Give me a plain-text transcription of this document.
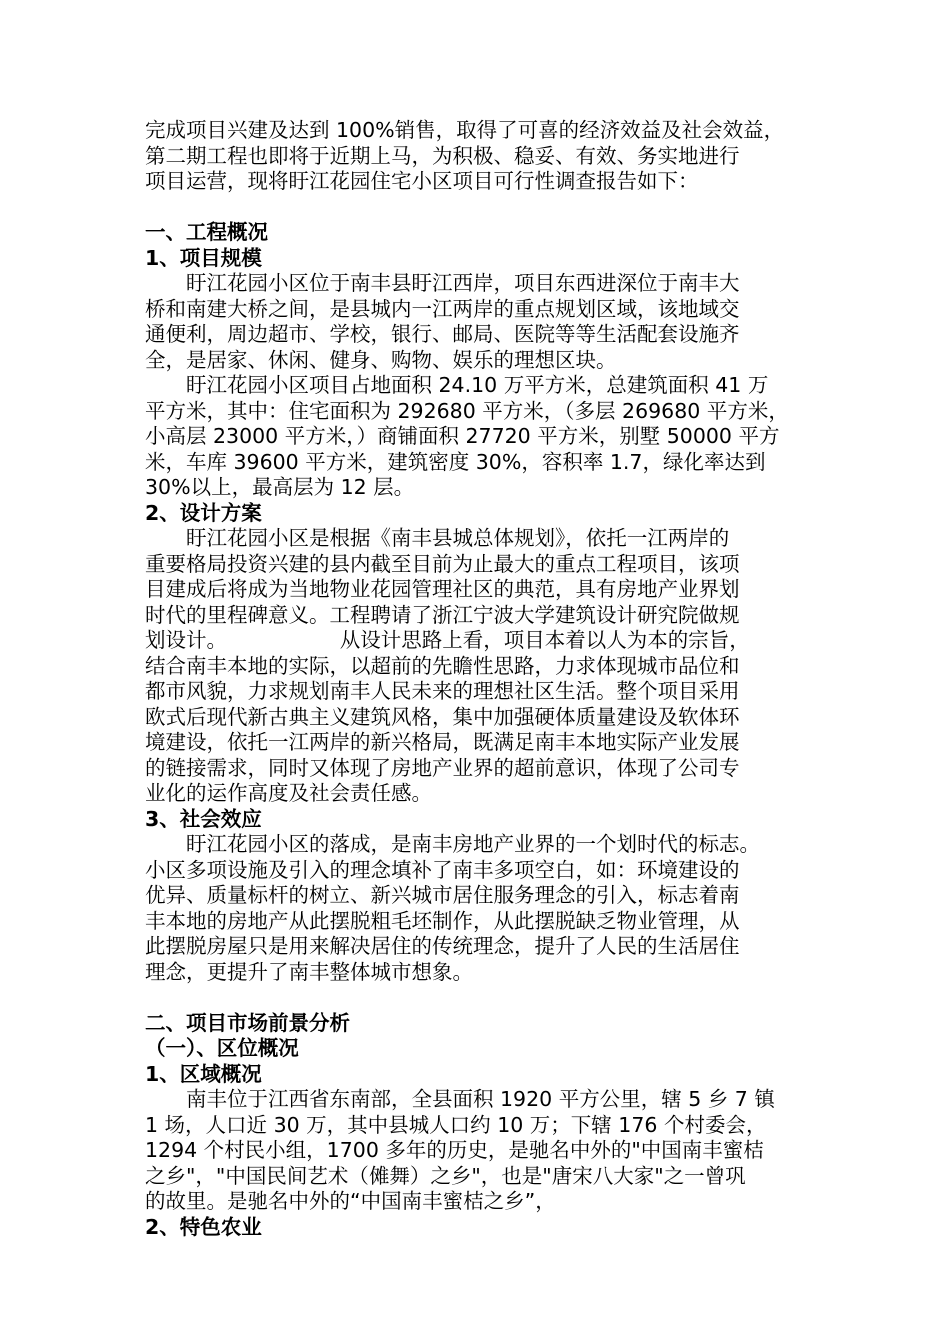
完成项目兴建及达到 100%销售，取得了可喜的经济效益及社会效益，

第二期工程也即将于近期上马，为积极、稳妥、有效、务实地进行

项目运营，现将盱江花园住宅小区项目可行性调查报告如下：

一、工程概况

1、项目规模

盱江花园小区位于南丰县盱江西岸，项目东西进深位于南丰大

桥和南建大桥之间，是县城内一江两岸的重点规划区域，该地域交

通便利，周边超市、学校，银行、邮局、医院等等生活配套设施齐

全，是居家、休闲、健身、购物、娱乐的理想区块。

盱江花园小区项目占地面积 24.10 万平方米，总建筑面积 41 万

平方米，其中：住宅面积为 292680 平方米，（多层 269680 平方米，

小高层 23000 平方米，）商铺面积 27720 平方米，别墅 50000 平方

米，车库 39600 平方米，建筑密度 30%，容积率 1.7，绿化率达到

30%以上，最高层为 12 层。

2、设计方案

盱江花园小区是根据《南丰县城总体规划》，依托一江两岸的

重要格局投资兴建的县内截至目前为止最大的重点工程项目，该项

目建成后将成为当地物业花园管理社区的典范，具有房地产业界划

时代的里程碑意义。工程聘请了浙江宁波大学建筑设计研究院做规

划设计。　　　　　　从设计思路上看，项目本着以人为本的宗旨，

结合南丰本地的实际，以超前的先瞻性思路，力求体现城市品位和

都市风貌，力求规划南丰人民未来的理想社区生活。整个项目采用

欧式后现代新古典主义建筑风格，集中加强硬体质量建设及软体环

境建设，依托一江两岸的新兴格局，既满足南丰本地实际产业发展

的链接需求，同时又体现了房地产业界的超前意识，体现了公司专

业化的运作高度及社会责任感。

3、社会效应

盱江花园小区的落成，是南丰房地产业界的一个划时代的标志。

小区多项设施及引入的理念填补了南丰多项空白，如：环境建设的

优异、质量标杆的树立、新兴城市居住服务理念的引入，标志着南

丰本地的房地产从此摆脱粗毛坯制作，从此摆脱缺乏物业管理，从

此摆脱房屋只是用来解决居住的传统理念，提升了人民的生活居住

理念，更提升了南丰整体城市想象。

二、项目市场前景分析

（一）、区位概况

1、区域概况

南丰位于江西省东南部，全县面积 1920 平方公里，辖 5 乡 7 镇

1 场，人口近 30 万，其中县城人口约 10 万；下辖 176 个村委会，

1294 个村民小组，1700 多年的历史，是驰名中外的"中国南丰蜜桔

之乡"，"中国民间艺术（傩舞）之乡"，也是"唐宋八大家"之一曾巩

的故里。是驰名中外的“中国南丰蜜桔之乡”，

2、特色农业
